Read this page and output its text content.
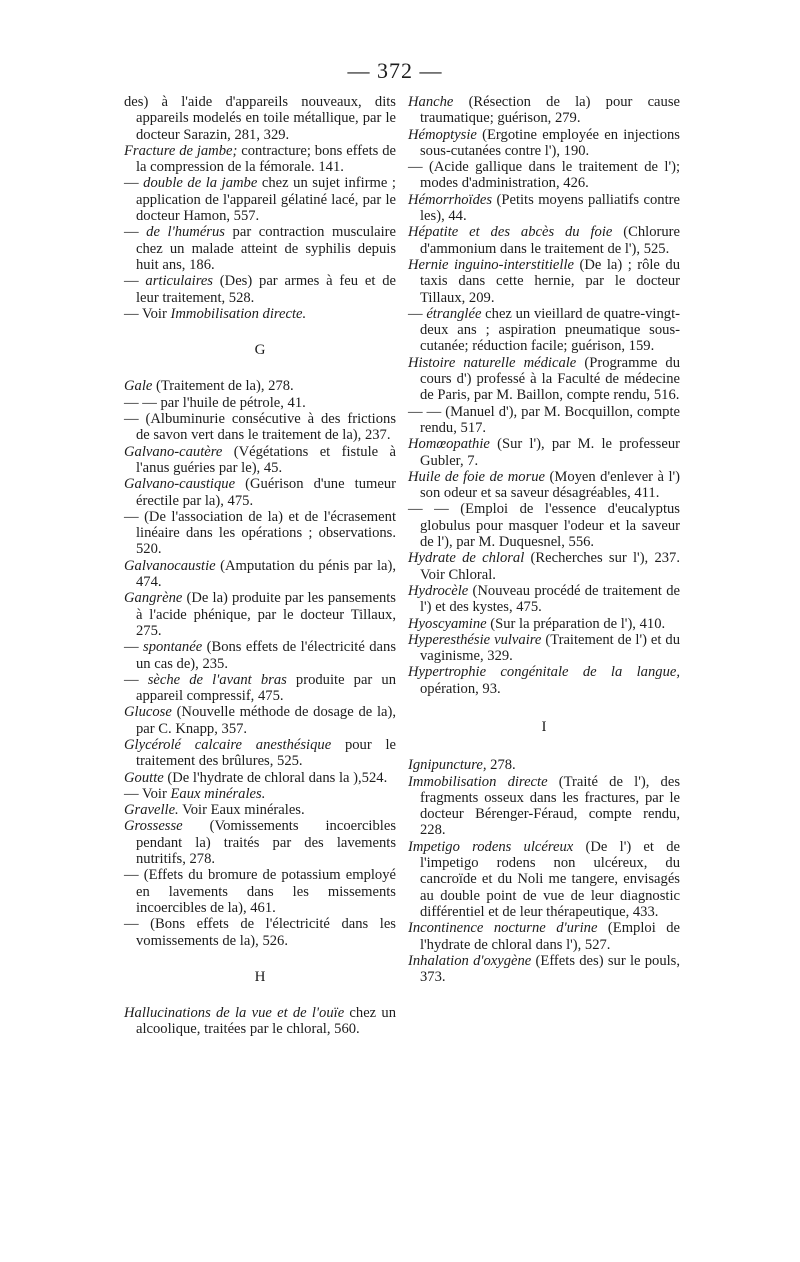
— 372 —

des) à l'aide d'appareils nouveaux, dits appareils modelés en toile métallique, par le docteur Sarazin, 281, 329.

Fracture de jambe; contracture; bons effets de la compression de la fémorale. 141.

— double de la jambe chez un sujet infirme ; application de l'appareil gélatiné lacé, par le docteur Hamon, 557.

— de l'humérus par contraction musculaire chez un malade atteint de syphilis depuis huit ans, 186.

— articulaires (Des) par armes à feu et de leur traitement, 528.

— Voir Immobilisation directe.

G

Gale (Traitement de la), 278.

— — par l'huile de pétrole, 41.

— (Albuminurie consécutive à des frictions de savon vert dans le traitement de la), 237.

Galvano-cautère (Végétations et fistule à l'anus guéries par le), 45.

Galvano-caustique (Guérison d'une tumeur érectile par la), 475.

— (De l'association de la) et de l'écrasement linéaire dans les opérations ; observations. 520.

Galvanocaustie (Amputation du pénis par la), 474.

Gangrène (De la) produite par les pansements à l'acide phénique, par le docteur Tillaux, 275.

— spontanée (Bons effets de l'électricité dans un cas de), 235.

— sèche de l'avant bras produite par un appareil compressif, 475.

Glucose (Nouvelle méthode de dosage de la), par C. Knapp, 357.

Glycérolé calcaire anesthésique pour le traitement des brûlures, 525.

Goutte (De l'hydrate de chloral dans la ),524.

— Voir Eaux minérales.

Gravelle. Voir Eaux minérales.

Grossesse (Vomissements incoercibles pendant la) traités par des lavements nutritifs, 278.

— (Effets du bromure de potassium employé en lavements dans les missements incoercibles de la), 461.

— (Bons effets de l'électricité dans les vomissements de la), 526.

H

Hallucinations de la vue et de l'ouïe chez un alcoolique, traitées par le chloral, 560.

Hanche (Résection de la) pour cause traumatique; guérison, 279.

Hémoptysie (Ergotine employée en injections sous-cutanées contre l'), 190.

— (Acide gallique dans le traitement de l'); modes d'administration, 426.

Hémorrhoïdes (Petits moyens palliatifs contre les), 44.

Hépatite et des abcès du foie (Chlorure d'ammonium dans le traitement de l'), 525.

Hernie inguino-interstitielle (De la) ; rôle du taxis dans cette hernie, par le docteur Tillaux, 209.

— étranglée chez un vieillard de quatre-vingt-deux ans ; aspiration pneumatique sous-cutanée; réduction facile; guérison, 159.

Histoire naturelle médicale (Programme du cours d') professé à la Faculté de médecine de Paris, par M. Baillon, compte rendu, 516.

— — (Manuel d'), par M. Bocquillon, compte rendu, 517.

Homœopathie (Sur l'), par M. le professeur Gubler, 7.

Huile de foie de morue (Moyen d'enlever à l') son odeur et sa saveur désagréables, 411.

— — (Emploi de l'essence d'eucalyptus globulus pour masquer l'odeur et la saveur de l'), par M. Duquesnel, 556.

Hydrate de chloral (Recherches sur l'), 237. Voir Chloral.

Hydrocèle (Nouveau procédé de traitement de l') et des kystes, 475.

Hyoscyamine (Sur la préparation de l'), 410.

Hyperesthésie vulvaire (Traitement de l') et du vaginisme, 329.

Hypertrophie congénitale de la langue, opération, 93.

I

Ignipuncture, 278.

Immobilisation directe (Traité de l'), des fragments osseux dans les fractures, par le docteur Bérenger-Féraud, compte rendu, 228.

Impetigo rodens ulcéreux (De l') et de l'impetigo rodens non ulcéreux, du cancroïde et du Noli me tangere, envisagés au double point de vue de leur diagnostic différentiel et de leur thérapeutique, 433.

Incontinence nocturne d'urine (Emploi de l'hydrate de chloral dans l'), 527.

Inhalation d'oxygène (Effets des) sur le pouls, 373.
